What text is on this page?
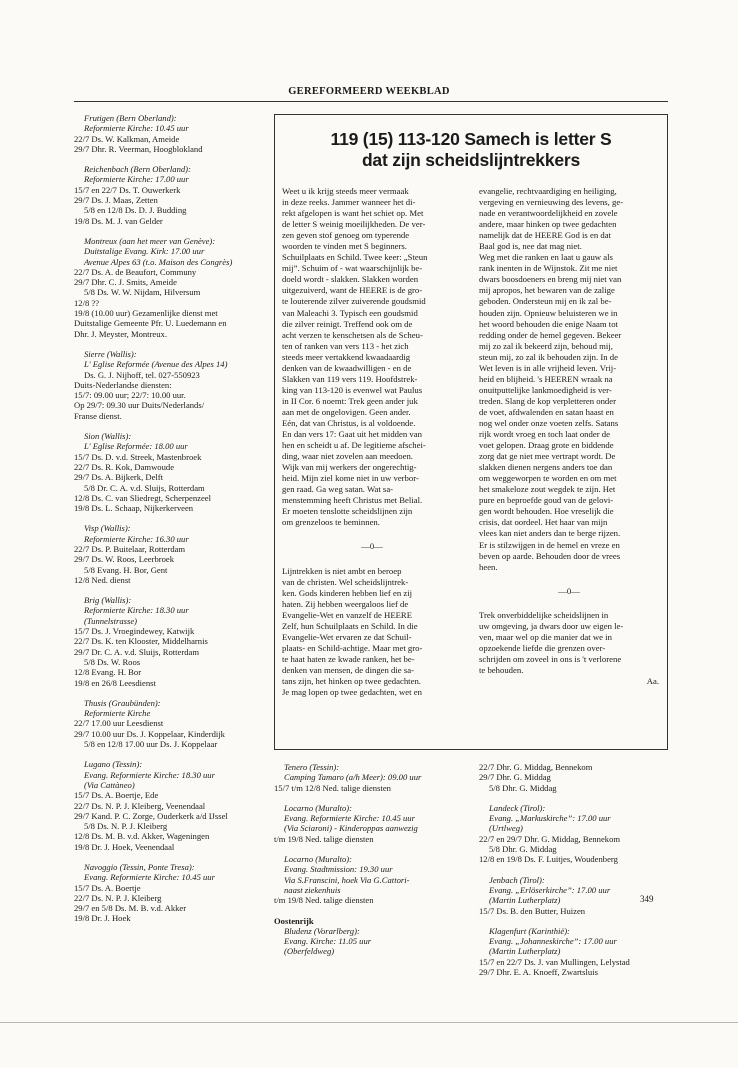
GEREFORMEERD WEEKBLAD
Frutigen (Bern Oberland):
Reformierte Kirche: 10.45 uur
22/7 Ds. W. Kalkman, Ameide
29/7 Dhr. R. Veerman, Hoogblokland
Reichenbach (Bern Oberland):
Reformierte Kirche: 17.00 uur
15/7 en 22/7 Ds. T. Ouwerkerk
29/7 Ds. J. Maas, Zetten
5/8 en 12/8 Ds. D. J. Budding
19/8 Ds. M. J. van Gelder
Montreux (aan het meer van Genève):
Duitstalige Evang. Kirk: 17.00 uur
Avenue Alpes 63 (t.o. Maison des Congrès)
22/7 Ds. A. de Beaufort, Communy
29/7 Dhr. C. J. Smits, Ameide
5/8 Ds. W. W. Nijdam, Hilversum
12/8 ??
19/8 (10.00 uur) Gezamenlijke dienst met
Duitstalige Gemeente Pfr. U. Luedemann en
Dhr. J. Meyster, Montreux.
Sierre (Wallis):
L' Eglise Reformée (Avenue des Alpes 14)
Ds. G. J. Nijhoff, tel. 027-550923
Duits-Nederlandse diensten:
15/7: 09.00 uur; 22/7: 10.00 uur.
Op 29/7: 09.30 uur Duits/Nederlands/
Franse dienst.
Sion (Wallis):
L' Eglise Reformée: 18.00 uur
15/7 Ds. D. v.d. Streek, Mastenbroek
22/7 Ds. R. Kok, Damwoude
29/7 Ds. A. Bijkerk, Delft
5/8 Dr. C. A. v.d. Sluijs, Rotterdam
12/8 Ds. C. van Sliedregt, Scherpenzeel
19/8 Ds. L. Schaap, Nijkerkerveen
Visp (Wallis):
Reformierte Kirche: 16.30 uur
22/7 Ds. P. Buitelaar, Rotterdam
29/7 Ds. W. Roos, Leerbroek
5/8 Evang. H. Bor, Gent
12/8 Ned. dienst
Brig (Wallis):
Reformierte Kirche: 18.30 uur
(Tunnelstrasse)
15/7 Ds. J. Vroegindewey, Katwijk
22/7 Ds. K. ten Klooster, Middelharnis
29/7 Dr. C. A. v.d. Sluijs, Rotterdam
5/8 Ds. W. Roos
12/8 Evang. H. Bor
19/8 en 26/8 Leesdienst
Thusis (Graubünden):
Reformierte Kirche
22/7 17.00 uur Leesdienst
29/7 10.00 uur Ds. J. Koppelaar, Kinderdijk
5/8 en 12/8 17.00 uur Ds. J. Koppelaar
Lugano (Tessin):
Evang. Reformierte Kirche: 18.30 uur
(Via Cattàneo)
15/7 Ds. A. Boertje, Ede
22/7 Ds. N. P. J. Kleiberg, Veenendaal
29/7 Kand. P. C. Zorge, Ouderkerk a/d IJssel
5/8 Ds. N. P. J. Kleiberg
12/8 Ds. M. B. v.d. Akker, Wageningen
19/8 Dr. J. Hoek, Veenendaal
Navoggio (Tessin, Ponte Tresa):
Evang. Reformierte Kirche: 10.45 uur
15/7 Ds. A. Boertje
22/7 Ds. N. P. J. Kleiberg
29/7 en 5/8 Ds. M. B. v.d. Akker
19/8 Dr. J. Hoek
119 (15) 113-120 Samech is letter S
dat zijn scheidslijntrekkers
Weet u ik krijg steeds meer vermaak
in deze reeks. Jammer wanneer het di-
rekt afgelopen is want het schiet op. Met
de letter S weinig moeilijkheden. De ver-
zen geven stof genoeg om typerende
woorden te vinden met S beginners.
Schuilplaats en Schild. Twee keer: „Steun
mij”. Schuim of - wat waarschijnlijk be-
doeld wordt - slakken. Slakken worden
uitgezuiverd, want de HEERE is de gro-
te louterende zilver zuiverende goudsmid
van Maleachi 3. Typisch een goudsmid
die zilver reinigt. Treffend ook om de
acht verzen te kenschetsen als de Scheu-
ten of ranken van vers 113 - het zich
steeds meer vertakkend kwaadaardig
denken van de kwaadwilligen - en de
Slakken van 119 vers 119. Hoofdstrek-
king van 113-120 is evenwel wat Paulus
in II Cor. 6 noemt: Trek geen ander juk
aan met de ongelovigen. Geen ander.
Eén, dat van Christus, is al voldoende.
En dan vers 17: Gaat uit het midden van
hen en scheidt u af. De legitieme afschei-
ding, waar niet zovelen aan meedoen.
Wijk van mij werkers der ongerechtig-
heid. Mijn ziel kome niet in uw verbor-
gen raad. Ga weg satan. Wat sa-
menstemming heeft Christus met Belial.
Er moeten tenslotte scheidslijnen zijn
om grenzeloos te beminnen.
—0—
Lijntrekken is niet ambt en beroep
van de christen. Wel scheidslijntrek-
ken. Gods kinderen hebben lief en zij
haten. Zij hebben weergaloos lief de
Evangelie-Wet en vanzelf de HEERE
Zelf, hun Schuilplaats en Schild. In die
Evangelie-Wet ervaren ze dat Schuil-
plaats- en Schild-achtige. Maar met gro-
te haat haten ze kwade ranken, het be-
denken van mensen, de dingen die sa-
tans zijn, het hinken op twee gedachten.
Je mag lopen op twee gedachten, wet en
evangelie, rechtvaardiging en heiliging,
vergeving en vernieuwing des levens, ge-
nade en verantwoordelijkheid en zovele
andere, maar hinken op twee gedachten
namelijk dat de HEERE God is en dat
Baal god is, nee dat mag niet.
Weg met die ranken en laat u gauw als
rank inenten in de Wijnstok. Zit me niet
dwars boosdoeners en breng mij niet van
mij apropos, het bewaren van de zalige
geboden. Ondersteun mij en ik zal be-
houden zijn. Opnieuw beluisteren we in
het woord behouden die enige Naam tot
redding onder de hemel gegeven. Bekeer
mij zo zal ik bekeerd zijn, behoud mij,
steun mij, zo zal ik behouden zijn. In de
Wet leven is in alle vrijheid leven. Vrij-
heid en blijheid. 's HEEREN wraak na
onuitputtelijke lankmoedigheid is ver-
treden. Slang de kop verpletteren onder
de voet, afdwalenden en satan haast en
nog wel onder onze voeten zelfs. Satans
rijk wordt vroeg en toch laat onder de
voet gelopen. Draag grote en biddende
zorg dat ge niet mee vertrapt wordt. De
slakken dienen nergens anders toe dan
om weggeworpen te worden en om met
het smakeloze zout wegdek te zijn. Het
pure en beproefde goud van de gelovi-
gen wordt behouden. Hoe vreselijk die
crisis, dat oordeel. Het haar van mijn
vlees kan niet anders dan te berge rijzen.
Er is stilzwijgen in de hemel en vreze en
beven op aarde. Behouden door de vrees
heen.
—0—
Trek onverbiddelijke scheidslijnen in
uw omgeving, ja dwars door uw eigen le-
ven, maar wel op die manier dat we in
opzoekende liefde die grenzen over-
schrijden om zoveel in ons is 't verlorene
te behouden.
Aa.
Tenero (Tessin):
Camping Tamaro (a/h Meer): 09.00 uur
15/7 t/m 12/8 Ned. talige diensten
Locarno (Muralto):
Evang. Reformierte Kirche: 10.45 uur
(Via Sciaroni) - Kinderoppas aanwezig
t/m 19/8 Ned. talige diensten
Locarno (Muralto):
Evang. Stadtmission: 19.30 uur
Via S.Franscini, hoek Via G.Cattori-
naast ziekenhuis
t/m 19/8 Ned. talige diensten
Oostenrijk
Bludenz (Vorarlberg):
Evang. Kirche: 11.05 uur
(Oberfeldweg)
22/7 Dhr. G. Middag, Bennekom
29/7 Dhr. G. Middag
5/8 Dhr. G. Middag
Landeck (Tirol):
Evang. „Markuskirche”: 17.00 uur
(Urtlweg)
22/7 en 29/7 Dhr. G. Middag, Bennekom
5/8 Dhr. G. Middag
12/8 en 19/8 Ds. F. Luitjes, Woudenberg
Jenbach (Tirol):
Evang. „Erlöserkirche”: 17.00 uur
(Martin Lutherplatz)
15/7 Ds. B. den Butter, Huizen
Klagenfurt (Karinthië):
Evang. „Johanneskirche”: 17.00 uur
(Martin Lutherplatz)
15/7 en 22/7 Ds. J. van Mullingen, Lelystad
29/7 Dhr. E. A. Knoeff, Zwartsluis
349
